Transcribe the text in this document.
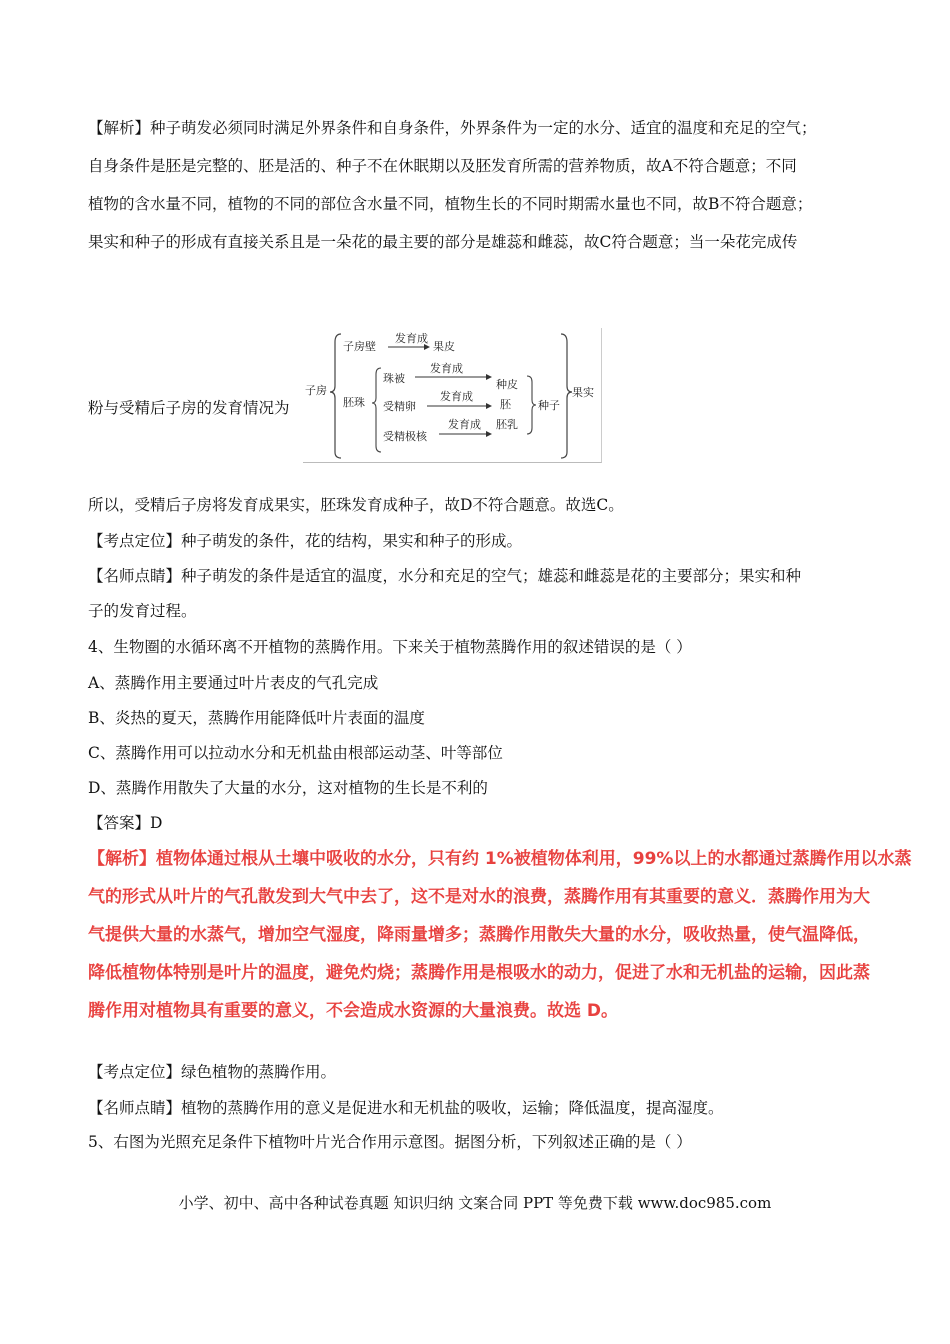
【解析】种子萌发必须同时满足外界条件和自身条件，外界条件为一定的水分、适宜的温度和充足的空气；
自身条件是胚是完整的、胚是活的、种子不在休眠期以及胚发育所需的营养物质，故A不符合题意；不同
植物的含水量不同，植物的不同的部位含水量不同，植物生长的不同时期需水量也不同，故B不符合题意；
果实和种子的形成有直接关系且是一朵花的最主要的部分是雄蕊和雌蕊，故C符合题意；当一朵花完成传
粉与受精后子房的发育情况为
子房
子房壁
发育成
果皮
胚珠
珠被
发育成
受精卵
发育成
受精极核
发育成
种皮
胚
胚乳
种子
果实
所以，受精后子房将发育成果实，胚珠发育成种子，故D不符合题意。故选C。
【考点定位】种子萌发的条件，花的结构，果实和种子的形成。
【名师点睛】种子萌发的条件是适宜的温度，水分和充足的空气；雄蕊和雌蕊是花的主要部分；果实和种
子的发育过程。
4、生物圈的水循环离不开植物的蒸腾作用。下来关于植物蒸腾作用的叙述错误的是（ ）
A、蒸腾作用主要通过叶片表皮的气孔完成
B、炎热的夏天，蒸腾作用能降低叶片表面的温度
C、蒸腾作用可以拉动水分和无机盐由根部运动茎、叶等部位
D、蒸腾作用散失了大量的水分，这对植物的生长是不利的
【答案】D
【解析】植物体通过根从土壤中吸收的水分，只有约 1%被植物体利用，99%以上的水都通过蒸腾作用以水蒸
气的形式从叶片的气孔散发到大气中去了，这不是对水的浪费，蒸腾作用有其重要的意义．蒸腾作用为大
气提供大量的水蒸气，增加空气湿度，降雨量增多；蒸腾作用散失大量的水分，吸收热量，使气温降低，
降低植物体特别是叶片的温度，避免灼烧；蒸腾作用是根吸水的动力，促进了水和无机盐的运输，因此蒸
腾作用对植物具有重要的意义，不会造成水资源的大量浪费。故选 D。
【考点定位】绿色植物的蒸腾作用。
【名师点睛】植物的蒸腾作用的意义是促进水和无机盐的吸收，运输；降低温度，提高湿度。
5、右图为光照充足条件下植物叶片光合作用示意图。据图分析，下列叙述正确的是（ ）
小学、初中、高中各种试卷真题 知识归纳 文案合同 PPT 等免费下载 www.doc985.com
